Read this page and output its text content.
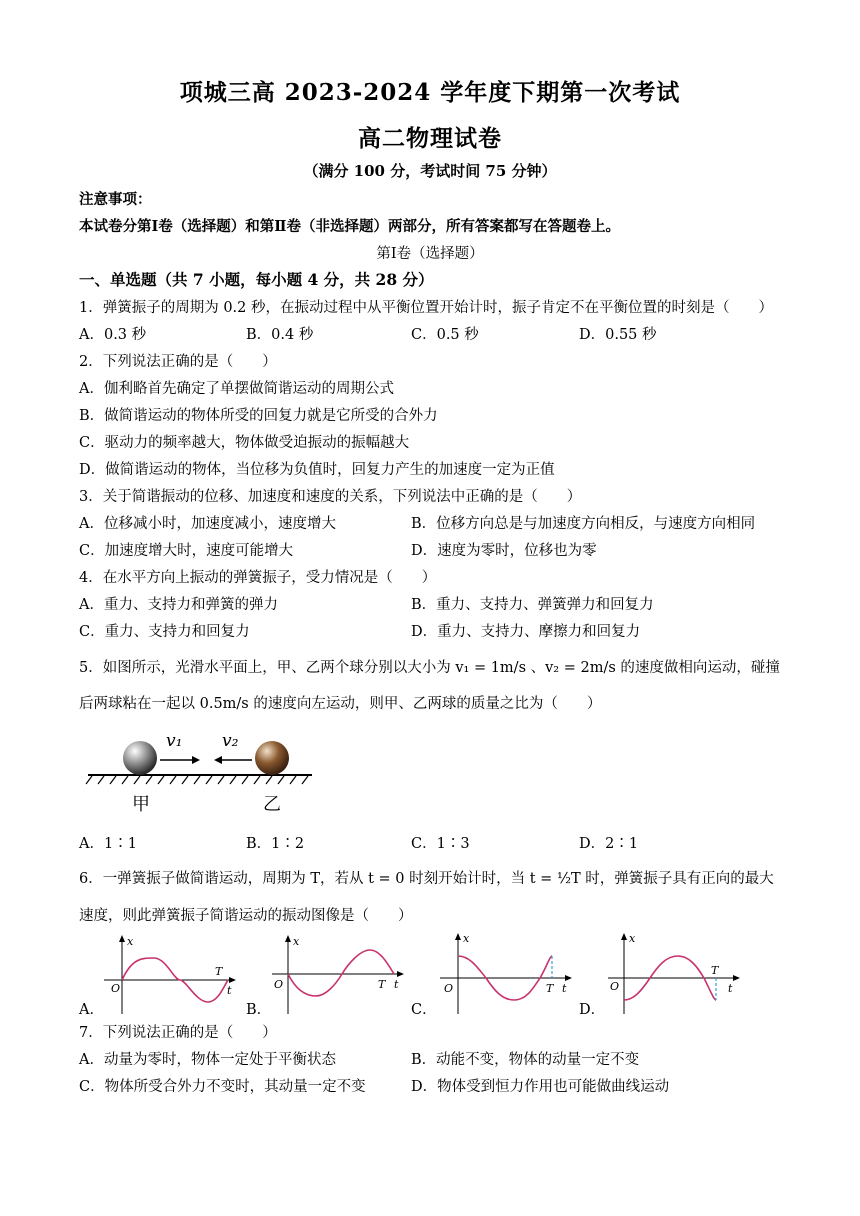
项城三高 2023-2024 学年度下期第一次考试
高二物理试卷
（满分 100 分，考试时间 75 分钟）
注意事项：
本试卷分第Ⅰ卷（选择题）和第Ⅱ卷（非选择题）两部分，所有答案都写在答题卷上。
第Ⅰ卷（选择题）
一、单选题（共 7 小题，每小题 4 分，共 28 分）
1．弹簧振子的周期为 0.2 秒，在振动过程中从平衡位置开始计时，振子肯定不在平衡位置的时刻是（　　）
A．0.3 秒	B．0.4 秒	C．0.5 秒	D．0.55 秒
2．下列说法正确的是（　　）
A．伽利略首先确定了单摆做简谐运动的周期公式
B．做简谐运动的物体所受的回复力就是它所受的合外力
C．驱动力的频率越大，物体做受迫振动的振幅越大
D．做简谐运动的物体，当位移为负值时，回复力产生的加速度一定为正值
3．关于简谐振动的位移、加速度和速度的关系，下列说法中正确的是（　　）
A．位移减小时，加速度减小，速度增大	B．位移方向总是与加速度方向相反，与速度方向相同
C．加速度增大时，速度可能增大	D．速度为零时，位移也为零
4．在水平方向上振动的弹簧振子，受力情况是（　　）
A．重力、支持力和弹簧的弹力	B．重力、支持力、弹簧弹力和回复力
C．重力、支持力和回复力	D．重力、支持力、摩擦力和回复力
5．如图所示，光滑水平面上，甲、乙两个球分别以大小为 v₁ = 1m/s 、v₂ = 2m/s 的速度做相向运动，碰撞
后两球粘在一起以 0.5m/s 的速度向左运动，则甲、乙两球的质量之比为（　　）
v₁ v₂
甲	乙
A．1∶1	B．1∶2	C．1∶3	D．2∶1
6．一弹簧振子做简谐运动，周期为 T，若从 t = 0 时刻开始计时，当 t = ½T 时，弹簧振子具有正向的最大
速度，则此弹簧振子简谐运动的振动图像是（　　）
x
O
T
t
A．
x
O	T t
B．
x
O	T t
C．
x
O
T
t
D．
7．下列说法正确的是（　　）
A．动量为零时，物体一定处于平衡状态	B．动能不变，物体的动量一定不变
C．物体所受合外力不变时，其动量一定不变	D．物体受到恒力作用也可能做曲线运动
